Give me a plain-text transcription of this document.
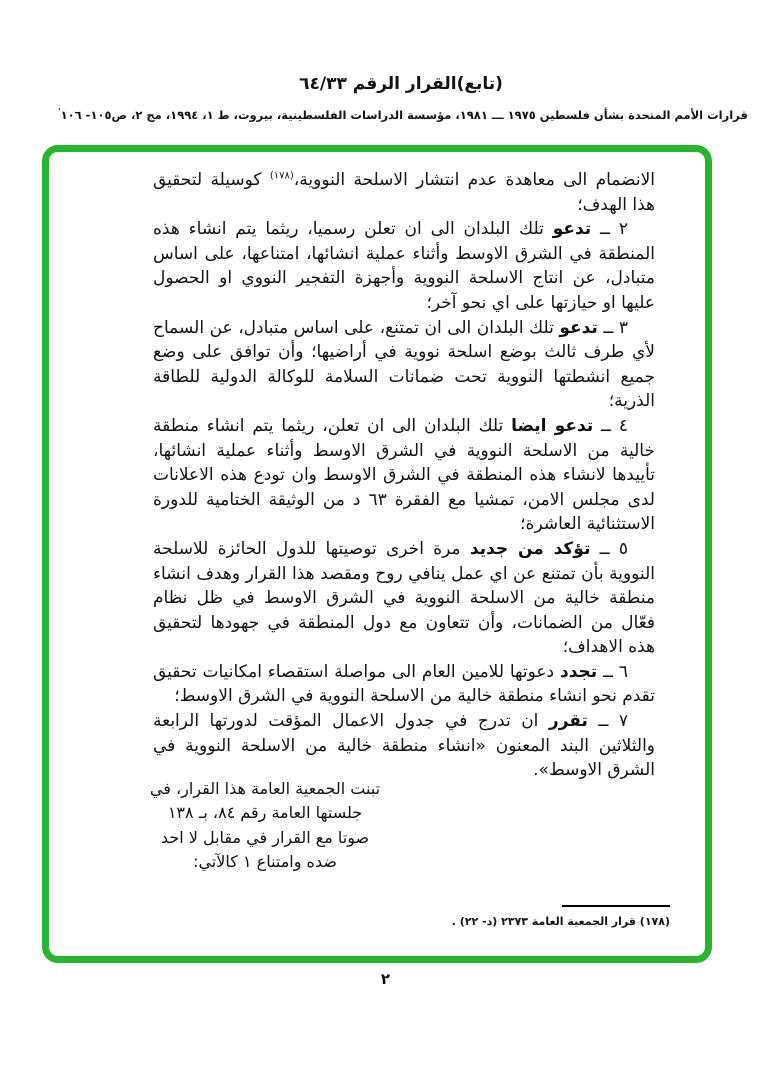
(تابع)القرار الرقم ٦٤/٣٣
قرارات الأمم المتحدة بشأن فلسطين ١٩٧٥ ـــ ١٩٨١، مؤسسة الدراسات الفلسطينية، بيروت، ط ١، ١٩٩٤، مج ٢، ص١٠٥- ١٠٦'

الانضمام الى معاهدة عدم انتشار الاسلحة النووية،$^{(١٧٨)}$ كوسيلة لتحقيق هذا الهدف؛

٢ ــ تدعو تلك البلدان الى ان تعلن رسميا، ريثما يتم انشاء هذه المنطقة في الشرق الاوسط وأثناء عملية انشائها، امتناعها، على اساس متبادل، عن انتاج الاسلحة النووية وأجهزة التفجير النووي او الحصول عليها او حيازتها على اي نحو آخر؛

٣ ــ تدعو تلك البلدان الى ان تمتنع، على اساس متبادل، عن السماح لأي طرف ثالث بوضع اسلحة نووية في أراضيها؛ وأن توافق على وضع جميع انشطتها النووية تحت ضمانات السلامة للوكالة الدولية للطاقة الذرية؛

٤ ــ تدعو ايضا تلك البلدان الى ان تعلن، ريثما يتم انشاء منطقة خالية من الاسلحة النووية في الشرق الاوسط وأثناء عملية انشائها، تأييدها لانشاء هذه المنطقة في الشرق الاوسط وان تودع هذه الاعلانات لدى مجلس الامن، تمشيا مع الفقرة ٦٣ د من الوثيقة الختامية للدورة الاستثنائية العاشرة؛

٥ ــ تؤكد من جديد مرة اخرى توصيتها للدول الحائزة للاسلحة النووية بأن تمتنع عن اي عمل ينافي روح ومقصد هذا القرار وهدف انشاء منطقة خالية من الاسلحة النووية في الشرق الاوسط في ظل نظام فعّال من الضمانات، وأن تتعاون مع دول المنطقة في جهودها لتحقيق هذه الاهداف؛

٦ ــ تجدد دعوتها للامين العام الى مواصلة استقصاء امكانيات تحقيق تقدم نحو انشاء منطقة خالية من الاسلحة النووية في الشرق الاوسط؛

٧ ــ تقرر ان تدرج في جدول الاعمال المؤقت لدورتها الرابعة والثلاثين البند المعنون «انشاء منطقة خالية من الاسلحة النووية في الشرق الاوسط».

تبنت الجمعية العامة هذا القرار، في
جلستها العامة رقم ٨٤، بـ ١٣٨
صوتا مع القرار في مقابل لا احد
ضده وامتناع ١ كالآتي:
(١٧٨) قرار الجمعية العامة ٢٣٧٣ (د- ٢٢) .
٢
